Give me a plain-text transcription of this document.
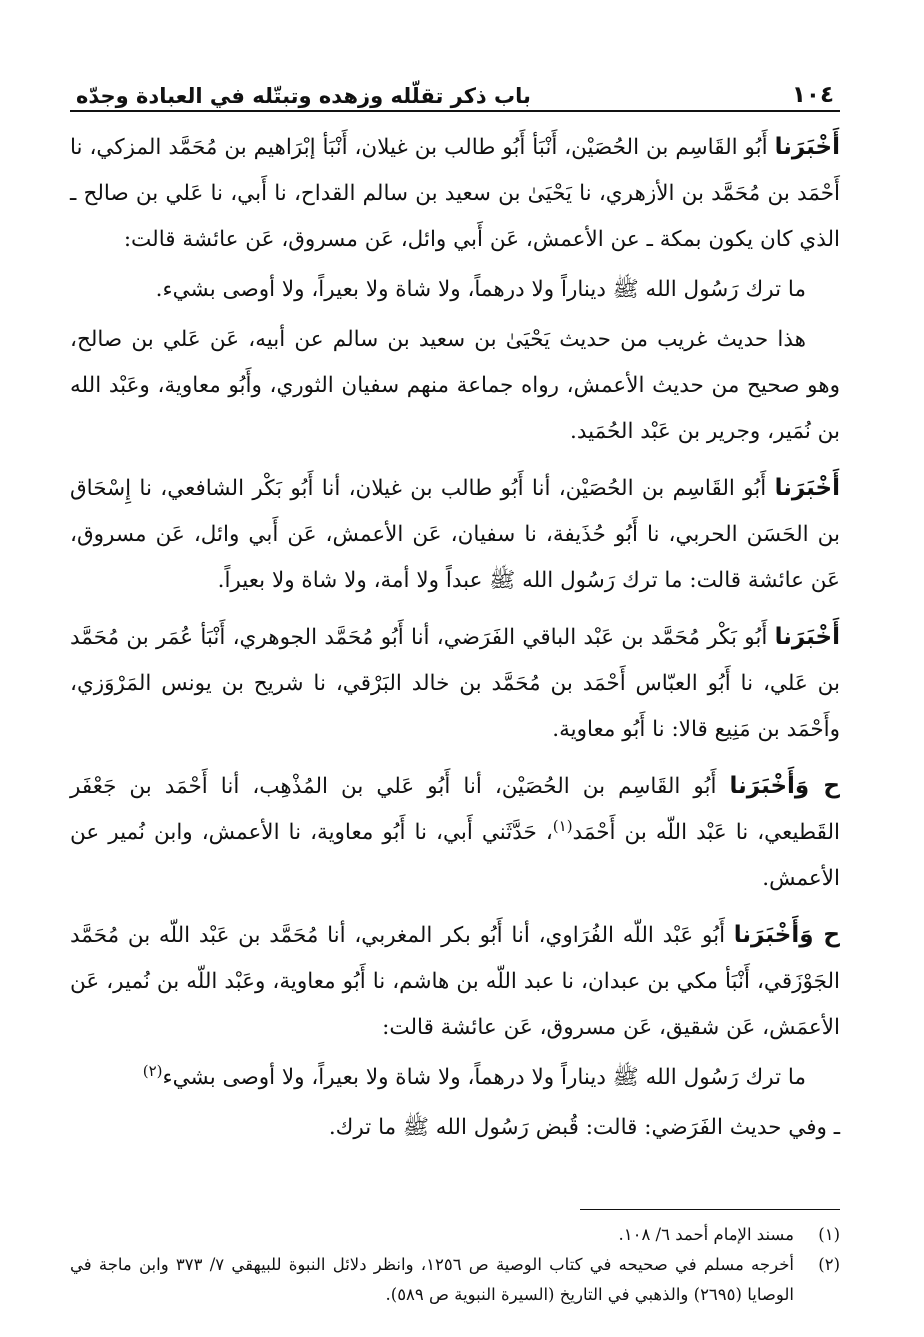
١٠٤
باب ذكر تقلّله وزهده وتبتّله في العبادة وجدّه

أَخْبَرَنا أَبُو القَاسِم بن الحُصَيْن، أَنْبَأ أَبُو طالب بن غيلان، أَنْبَأ إبْرَاهيم بن مُحَمَّد المزكي، نا أَحْمَد بن مُحَمَّد بن الأزهري، نا يَحْيَىٰ بن سعيد بن سالم القداح، نا أَبي، نا عَلي بن صالح ـ الذي كان يكون بمكة ـ عن الأعمش، عَن أَبي وائل، عَن مسروق، عَن عائشة قالت:

ما ترك رَسُول الله ﷺ ديناراً ولا درهماً، ولا شاة ولا بعيراً، ولا أوصى بشيء.

هذا حديث غريب من حديث يَحْيَىٰ بن سعيد بن سالم عن أبيه، عَن عَلي بن صالح، وهو صحيح من حديث الأعمش، رواه جماعة منهم سفيان الثوري، وأَبُو معاوية، وعَبْد الله بن نُمَير، وجرير بن عَبْد الحُمَيد.

أَخْبَرَنا أَبُو القَاسِم بن الحُصَيْن، أنا أَبُو طالب بن غيلان، أنا أَبُو بَكْر الشافعي، نا إِسْحَاق بن الحَسَن الحربي، نا أَبُو حُذَيفة، نا سفيان، عَن الأعمش، عَن أَبي وائل، عَن مسروق، عَن عائشة قالت: ما ترك رَسُول الله ﷺ عبداً ولا أمة، ولا شاة ولا بعيراً.

أَخْبَرَنا أَبُو بَكْر مُحَمَّد بن عَبْد الباقي الفَرَضي، أنا أَبُو مُحَمَّد الجوهري، أَنْبَأ عُمَر بن مُحَمَّد بن عَلي، نا أَبُو العبّاس أَحْمَد بن مُحَمَّد بن خالد البَرْقي، نا شريح بن يونس المَرْوَزي، وأَحْمَد بن مَنِيع قالا: نا أَبُو معاوية.

ح وَأَخْبَرَنا أَبُو القَاسِم بن الحُصَيْن، أنا أَبُو عَلي بن المُذْهِب، أنا أَحْمَد بن جَعْفَر القَطيعي، نا عَبْد اللّه بن أَحْمَد$^{(١)}$، حَدَّثَني أَبي، نا أَبُو معاوية، نا الأعمش، وابن نُمير عن الأعمش.

ح وَأَخْبَرَنا أَبُو عَبْد اللّه الفُرَاوي، أنا أَبُو بكر المغربي، أنا مُحَمَّد بن عَبْد اللّه بن مُحَمَّد الجَوْزَقي، أَنْبَأ مكي بن عبدان، نا عبد اللّه بن هاشم، نا أَبُو معاوية، وعَبْد اللّه بن نُمير، عَن الأعمَش، عَن شقيق، عَن مسروق، عَن عائشة قالت:

ما ترك رَسُول الله ﷺ ديناراً ولا درهماً، ولا شاة ولا بعيراً، ولا أوصى بشيء$^{(٢)}$

ـ وفي حديث الفَرَضي: قالت: قُبض رَسُول الله ﷺ ما ترك.

(١)
مسند الإمام أحمد ٦/ ١٠٨.
(٢)
أخرجه مسلم في صحيحه في كتاب الوصية ص ١٢٥٦، وانظر دلائل النبوة للبيهقي ٧/ ٣٧٣ وابن ماجة في الوصايا (٢٦٩٥) والذهبي في التاريخ (السيرة النبوية ص ٥٨٩).
